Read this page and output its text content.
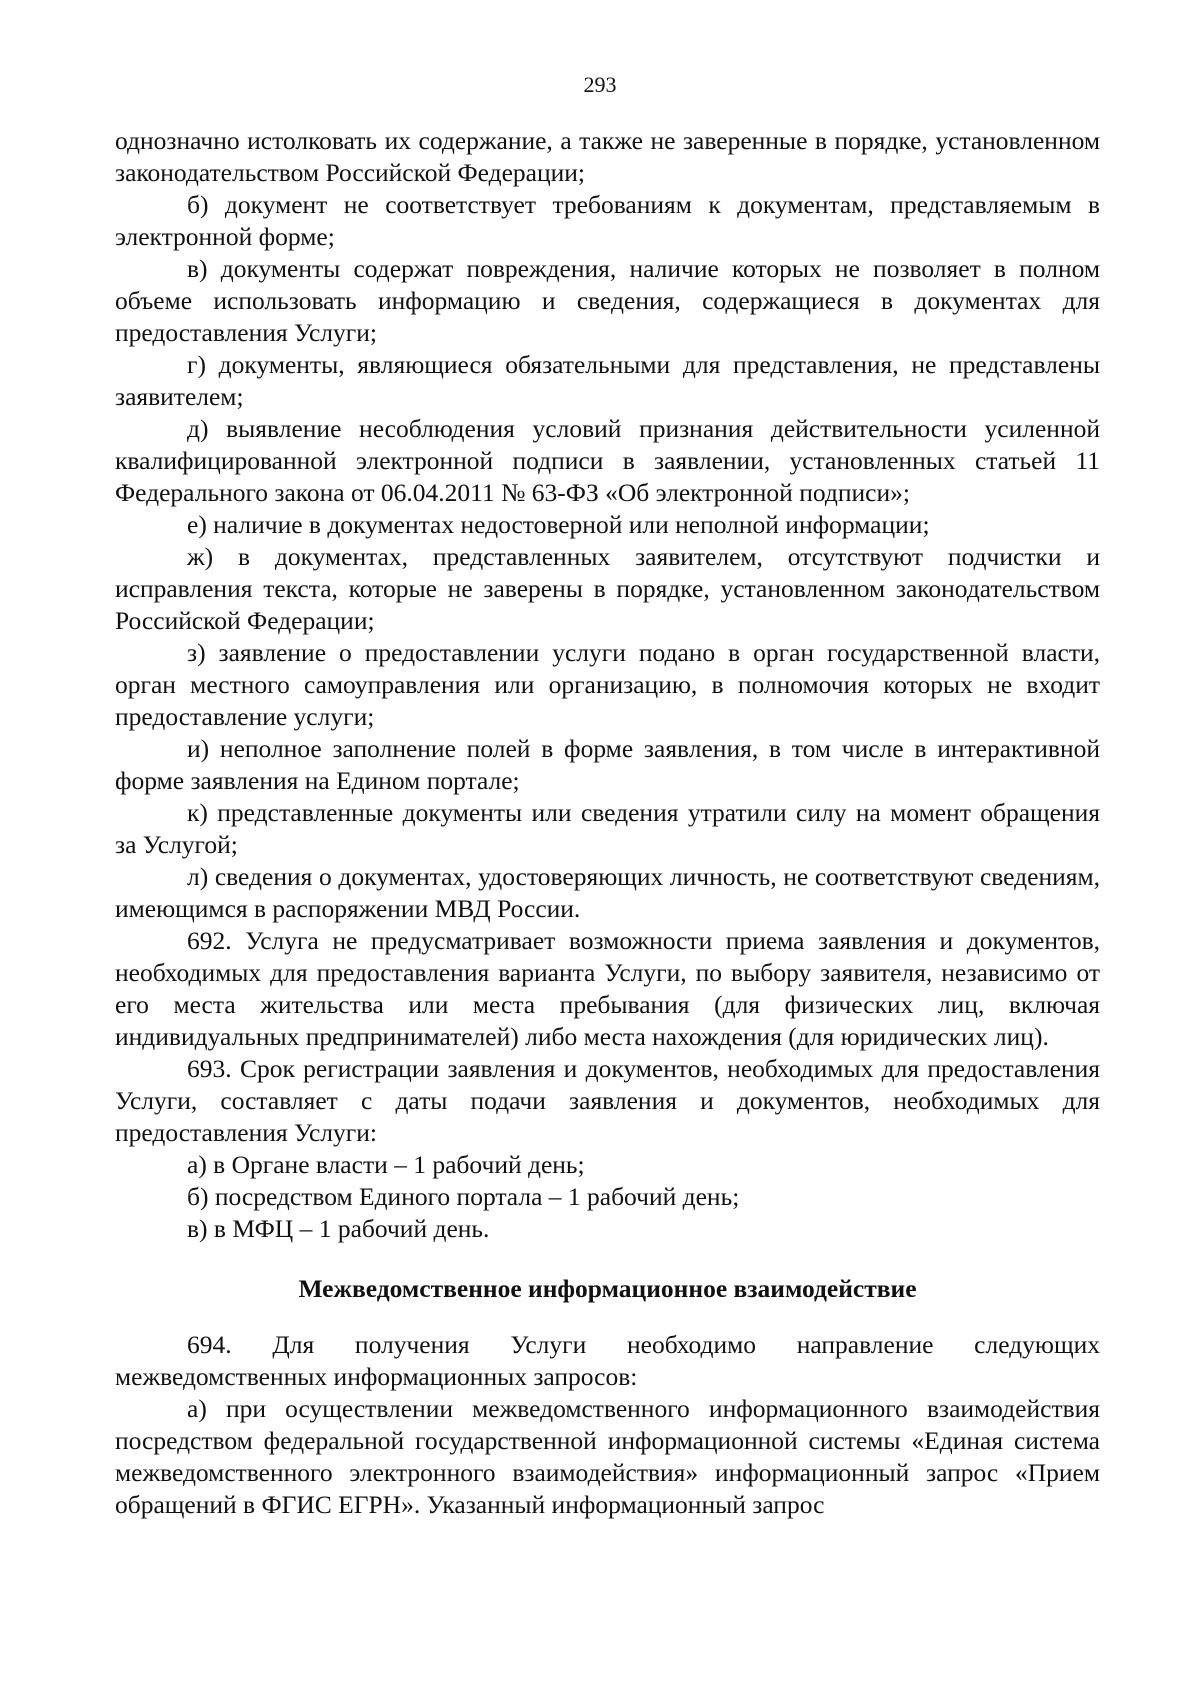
293

однозначно истолковать их содержание, а также не заверенные в порядке, установленном законодательством Российской Федерации;

б) документ не соответствует требованиям к документам, представляемым в электронной форме;

в) документы содержат повреждения, наличие которых не позволяет в полном объеме использовать информацию и сведения, содержащиеся в документах для предоставления Услуги;

г) документы, являющиеся обязательными для представления, не представлены заявителем;

д) выявление несоблюдения условий признания действительности усиленной квалифицированной электронной подписи в заявлении, установленных статьей 11 Федерального закона от 06.04.2011 № 63-ФЗ «Об электронной подписи»;

е) наличие в документах недостоверной или неполной информации;

ж) в документах, представленных заявителем, отсутствуют подчистки и исправления текста, которые не заверены в порядке, установленном законодательством Российской Федерации;

з) заявление о предоставлении услуги подано в орган государственной власти, орган местного самоуправления или организацию, в полномочия которых не входит предоставление услуги;

и) неполное заполнение полей в форме заявления, в том числе в интерактивной форме заявления на Едином портале;

к) представленные документы или сведения утратили силу на момент обращения за Услугой;

л) сведения о документах, удостоверяющих личность, не соответствуют сведениям, имеющимся в распоряжении МВД России.

692. Услуга не предусматривает возможности приема заявления и документов, необходимых для предоставления варианта Услуги, по выбору заявителя, независимо от его места жительства или места пребывания (для физических лиц, включая индивидуальных предпринимателей) либо места нахождения (для юридических лиц).

693. Срок регистрации заявления и документов, необходимых для предоставления Услуги, составляет с даты подачи заявления и документов, необходимых для предоставления Услуги:

а) в Органе власти – 1 рабочий день;

б) посредством Единого портала – 1 рабочий день;

в) в МФЦ – 1 рабочий день.

Межведомственное информационное взаимодействие

694. Для получения Услуги необходимо направление следующих межведомственных информационных запросов:

а) при осуществлении межведомственного информационного взаимодействия посредством федеральной государственной информационной системы «Единая система межведомственного электронного взаимодействия» информационный запрос «Прием обращений в ФГИС ЕГРН». Указанный информационный запрос
